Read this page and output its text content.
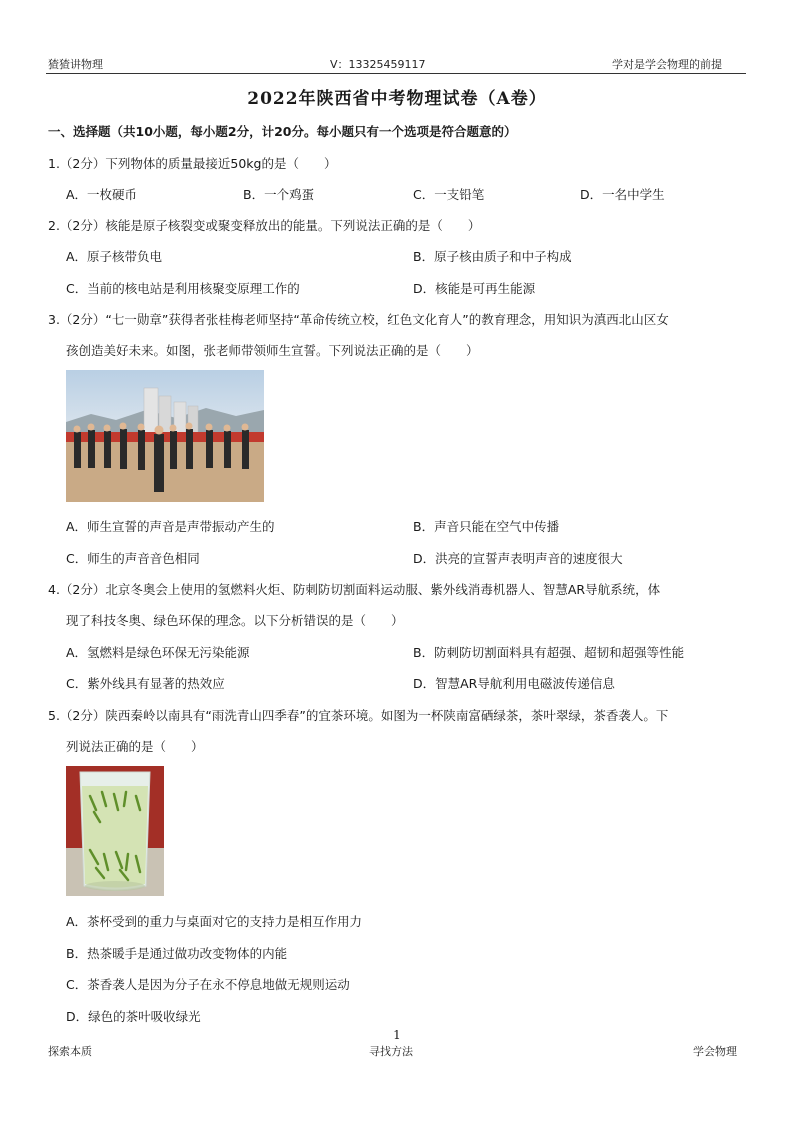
猹猹讲物理	V：13325459117	学对是学会物理的前提
2022年陕西省中考物理试卷（A卷）
一、选择题（共10小题，每小题2分，计20分。每小题只有一个选项是符合题意的）
1.（2分）下列物体的质量最接近50kg的是（　　）
A．一枚硬币	B．一个鸡蛋	C．一支铅笔	D．一名中学生
2.（2分）核能是原子核裂变或聚变释放出的能量。下列说法正确的是（　　）
A．原子核带负电	B．原子核由质子和中子构成
C．当前的核电站是利用核聚变原理工作的	D．核能是可再生能源
3.（2分）“七一勋章”获得者张桂梅老师坚持“革命传统立校，红色文化育人”的教育理念，用知识为滇西北山区女
孩创造美好未来。如图，张老师带领师生宣誓。下列说法正确的是（　　）
A．师生宣誓的声音是声带振动产生的	B．声音只能在空气中传播
C．师生的声音音色相同	D．洪亮的宣誓声表明声音的速度很大
4.（2分）北京冬奥会上使用的氢燃料火炬、防刺防切割面料运动服、紫外线消毒机器人、智慧AR导航系统，体
现了科技冬奥、绿色环保的理念。以下分析错误的是（　　）
A．氢燃料是绿色环保无污染能源	B．防刺防切割面料具有超强、超韧和超强等性能
C．紫外线具有显著的热效应	D．智慧AR导航利用电磁波传递信息
5.（2分）陕西秦岭以南具有“雨洗青山四季春”的宜茶环境。如图为一杯陕南富硒绿茶，茶叶翠绿，茶香袭人。下
列说法正确的是（　　）
A．茶杯受到的重力与桌面对它的支持力是相互作用力
B．热茶暖手是通过做功改变物体的内能
C．茶香袭人是因为分子在永不停息地做无规则运动
D．绿色的茶叶吸收绿光
1
探索本质	寻找方法	学会物理
